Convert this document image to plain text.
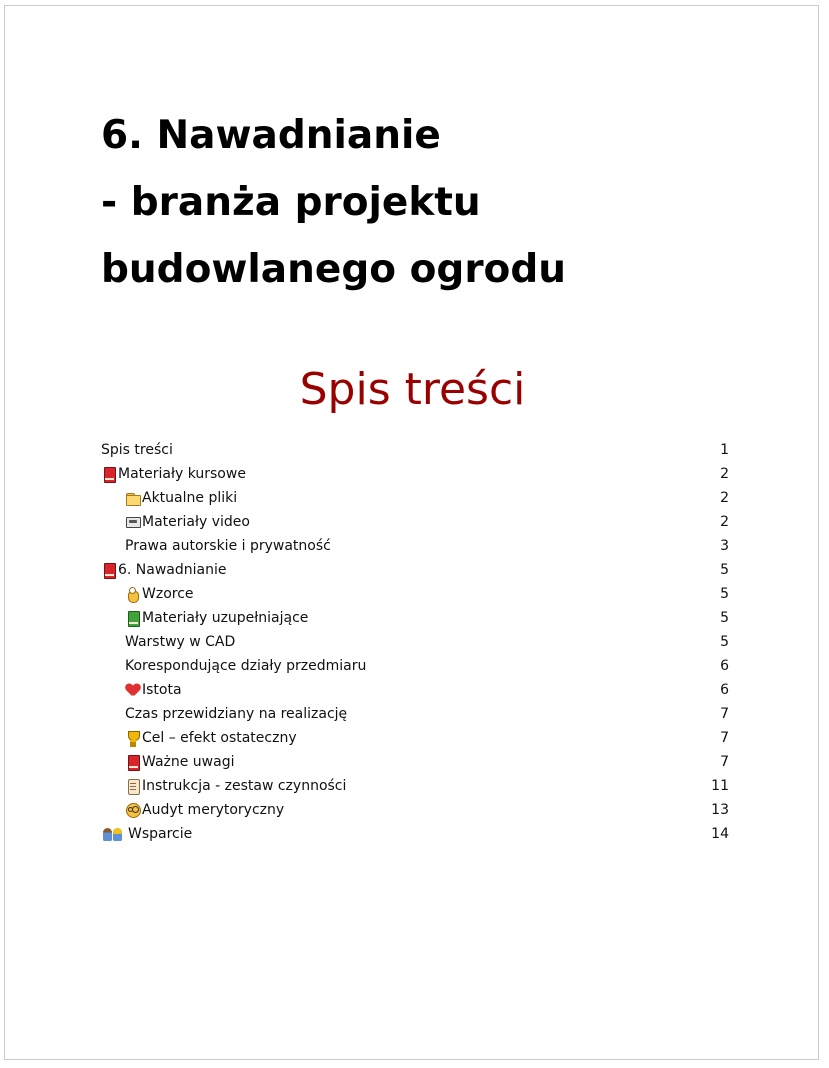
6. Nawadnianie
- branża projektu
budowlanego ogrodu
Spis treści
Spis treści	1
Materiały kursowe	2
Aktualne pliki	2
Materiały video	2
Prawa autorskie i prywatność	3
6. Nawadnianie	5
Wzorce	5
Materiały uzupełniające	5
Warstwy w CAD	5
Korespondujące działy przedmiaru	6
Istota	6
Czas przewidziany na realizację	7
Cel – efekt ostateczny	7
Ważne uwagi	7
Instrukcja - zestaw czynności	11
Audyt merytoryczny	13
Wsparcie	14
